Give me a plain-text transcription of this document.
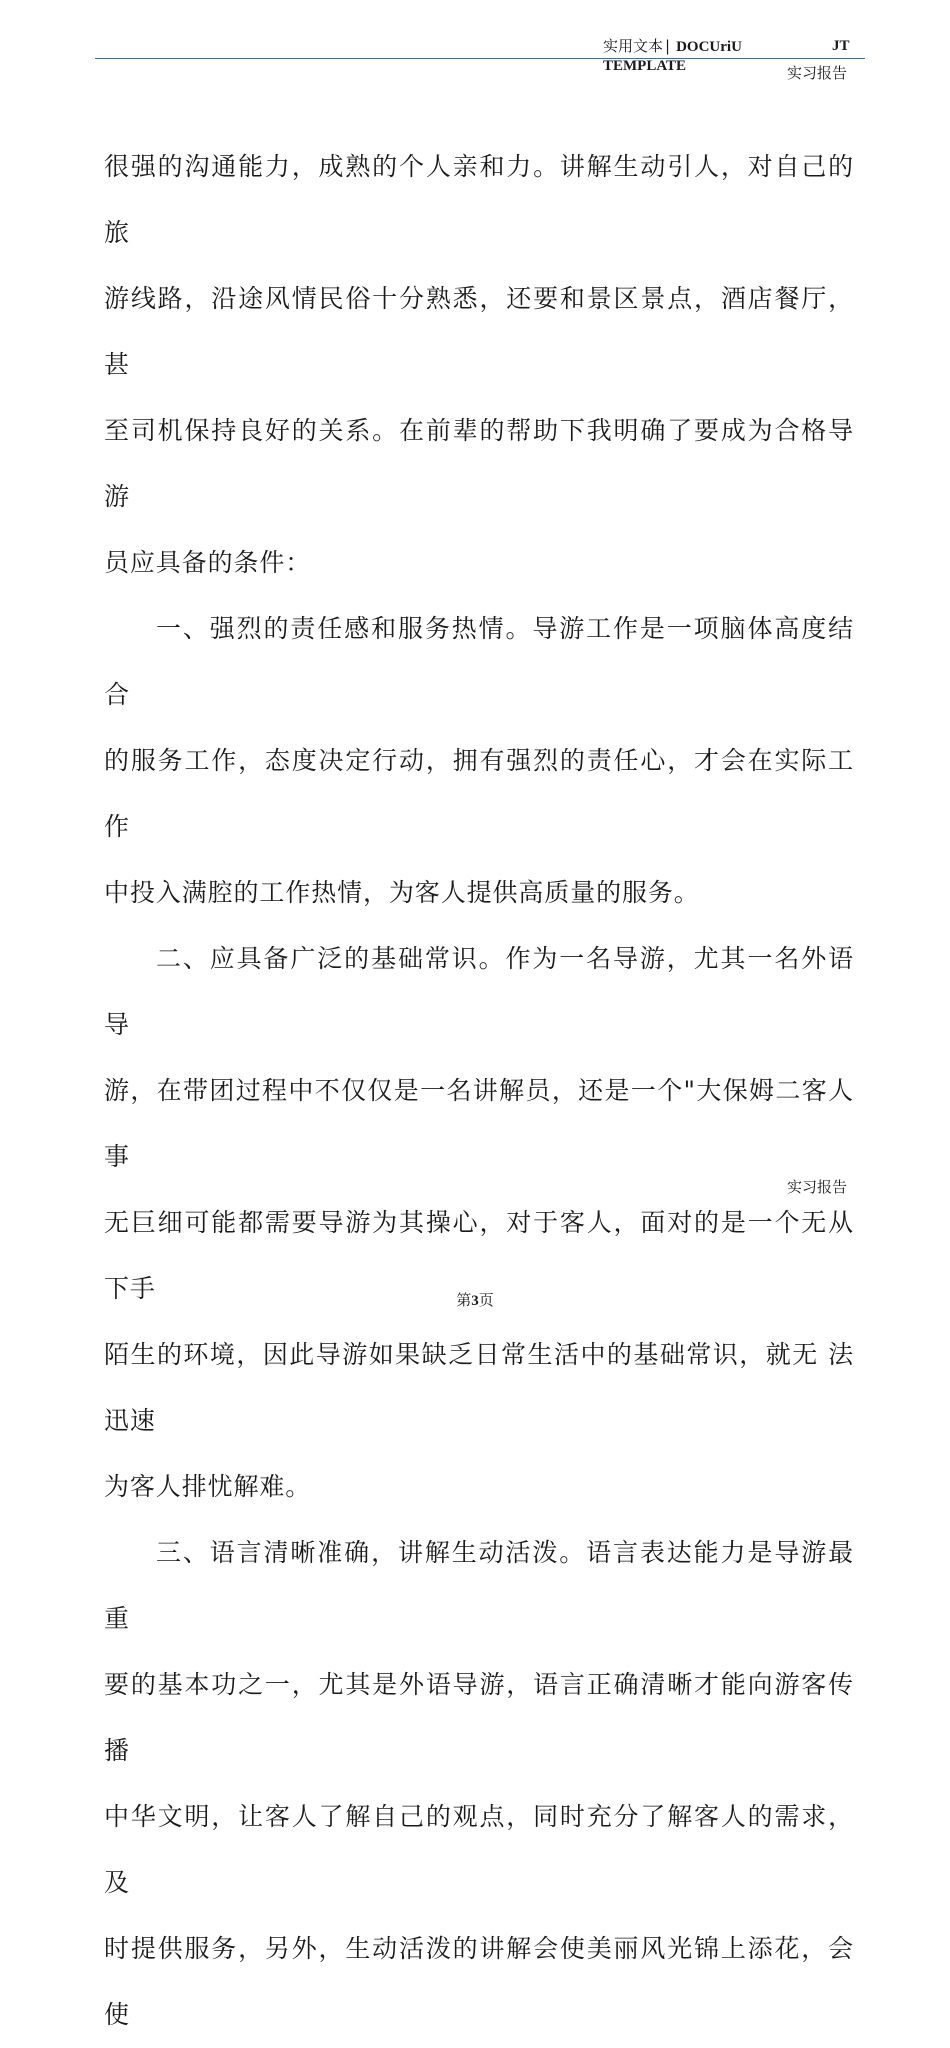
实用文本 | DOCUriU	JT
TEMPLATE	实习报告
很强的沟通能力，成熟的个人亲和力。讲解生动引人，对自己的旅
游线路，沿途风情民俗十分熟悉，还要和景区景点，酒店餐厅，甚
至司机保持良好的关系。在前辈的帮助下我明确了要成为合格导游
员应具备的条件：
一、强烈的责任感和服务热情。导游工作是一项脑体高度结合
的服务工作，态度决定行动，拥有强烈的责任心，才会在实际工作
中投入满腔的工作热情，为客人提供高质量的服务。
二、应具备广泛的基础常识。作为一名导游，尤其一名外语导
游，在带团过程中不仅仅是一名讲解员，还是一个"大保姆二客人 事
无巨细可能都需要导游为其操心，对于客人，面对的是一个无从 下手
陌生的环境，因此导游如果缺乏日常生活中的基础常识，就无 法迅速
为客人排忧解难。
三、语言清晰准确，讲解生动活泼。语言表达能力是导游最重
要的基本功之一，尤其是外语导游，语言正确清晰才能向游客传播
中华文明，让客人了解自己的观点，同时充分了解客人的需求，及
时提供服务，另外，生动活泼的讲解会使美丽风光锦上添花，会使
实习报告
第3页
